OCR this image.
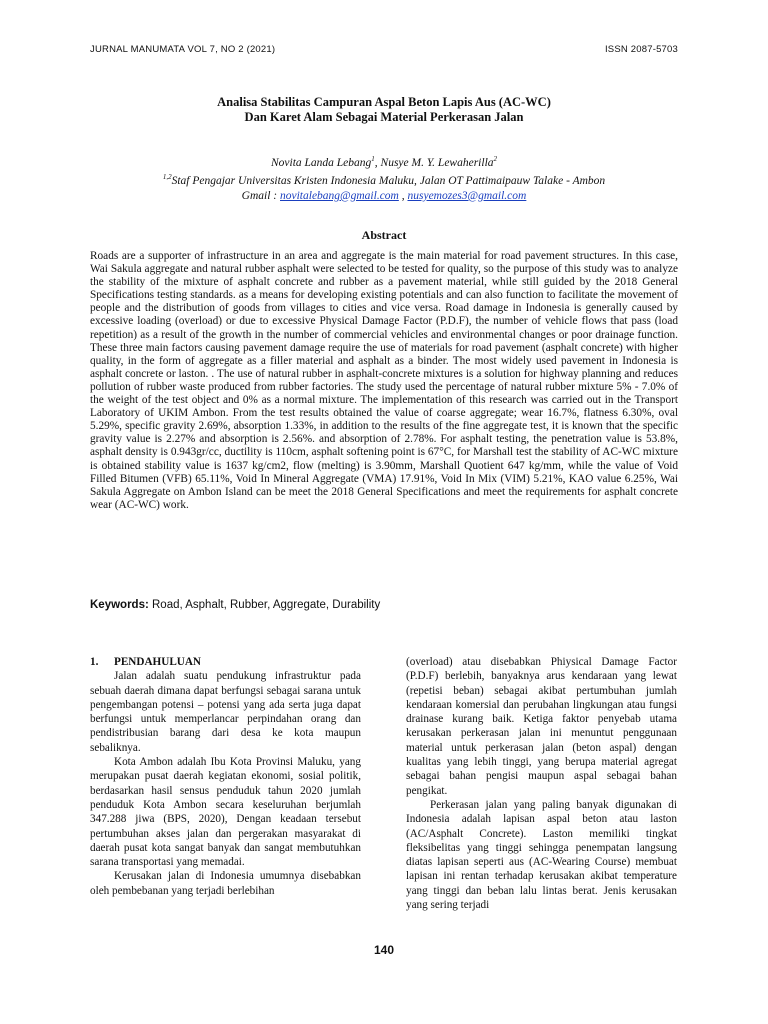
JURNAL MANUMATA VOL 7, NO 2 (2021)	ISSN 2087-5703
Analisa Stabilitas Campuran Aspal Beton Lapis Aus (AC-WC)
Dan Karet Alam Sebagai Material Perkerasan Jalan
Novita Landa Lebang$^1$, Nusye M. Y. Lewaherilla$^2$
$^{1,2}$Staf Pengajar Universitas Kristen Indonesia Maluku, Jalan OT Pattimaipauw Talake - Ambon
Gmail : novitalebang@gmail.com , nusyemozes3@gmail.com
Abstract

Roads are a supporter of infrastructure in an area and aggregate is the main material for road pavement structures. In this case, Wai Sakula aggregate and natural rubber asphalt were selected to be tested for quality, so the purpose of this study was to analyze the stability of the mixture of asphalt concrete and rubber as a pavement material, while still guided by the 2018 General Specifications testing standards. as a means for developing existing potentials and can also function to facilitate the movement of people and the distribution of goods from villages to cities and vice versa. Road damage in Indonesia is generally caused by excessive loading (overload) or due to excessive Physical Damage Factor (P.D.F), the number of vehicle flows that pass (load repetition) as a result of the growth in the number of commercial vehicles and environmental changes or poor drainage function. These three main factors causing pavement damage require the use of materials for road pavement (asphalt concrete) with higher quality, in the form of aggregate as a filler material and asphalt as a binder. The most widely used pavement in Indonesia is asphalt concrete or laston. . The use of natural rubber in asphalt-concrete mixtures is a solution for highway planning and reduces pollution of rubber waste produced from rubber factories. The study used the percentage of natural rubber mixture 5% - 7.0% of the weight of the test object and 0% as a normal mixture. The implementation of this research was carried out in the Transport Laboratory of UKIM Ambon. From the test results obtained the value of coarse aggregate; wear 16.7%, flatness 6.30%, oval 5.29%, specific gravity 2.69%, absorption 1.33%, in addition to the results of the fine aggregate test, it is known that the specific gravity value is 2.27% and absorption is 2.56%. and absorption of 2.78%. For asphalt testing, the penetration value is 53.8%, asphalt density is 0.943gr/cc, ductility is 110cm, asphalt softening point is 67°C, for Marshall test the stability of AC-WC mixture is obtained stability value is 1637 kg/cm2, flow (melting) is 3.90mm, Marshall Quotient 647 kg/mm, while the value of Void Filled Bitumen (VFB) 65.11%, Void In Mineral Aggregate (VMA) 17.91%, Void In Mix (VIM) 5.21%, KAO value 6.25%, Wai Sakula Aggregate on Ambon Island can be meet the 2018 General Specifications and meet the requirements for asphalt concrete wear (AC-WC) work.

Keywords: Road, Asphalt, Rubber, Aggregate, Durability

1. PENDAHULUAN

Jalan adalah suatu pendukung infrastruktur pada sebuah daerah dimana dapat berfungsi sebagai sarana untuk pengembangan potensi – potensi yang ada serta juga dapat berfungsi untuk memperlancar perpindahan orang dan pendistribusian barang dari desa ke kota maupun sebaliknya.

Kota Ambon adalah Ibu Kota Provinsi Maluku, yang merupakan pusat daerah kegiatan ekonomi, sosial politik, berdasarkan hasil sensus penduduk tahun 2020 jumlah penduduk Kota Ambon secara keseluruhan berjumlah 347.288 jiwa (BPS, 2020), Dengan keadaan tersebut pertumbuhan akses jalan dan pergerakan masyarakat di daerah pusat kota sangat banyak dan sangat membutuhkan sarana transportasi yang memadai.

Kerusakan jalan di Indonesia umumnya disebabkan oleh pembebanan yang terjadi berlebihan

(overload) atau disebabkan Phiysical Damage Factor (P.D.F) berlebih, banyaknya arus kendaraan yang lewat (repetisi beban) sebagai akibat pertumbuhan jumlah kendaraan komersial dan perubahan lingkungan atau fungsi drainase kurang baik. Ketiga faktor penyebab utama kerusakan perkerasan jalan ini menuntut penggunaan material untuk perkerasan jalan (beton aspal) dengan kualitas yang lebih tinggi, yang berupa material agregat sebagai bahan pengisi maupun aspal sebagai bahan pengikat.

Perkerasan jalan yang paling banyak digunakan di Indonesia adalah lapisan aspal beton atau laston (AC/Asphalt Concrete). Laston memiliki tingkat fleksibelitas yang tinggi sehingga penempatan langsung diatas lapisan seperti aus (AC-Wearing Course) membuat lapisan ini rentan terhadap kerusakan akibat temperature yang tinggi dan beban lalu lintas berat. Jenis kerusakan yang sering terjadi

140
